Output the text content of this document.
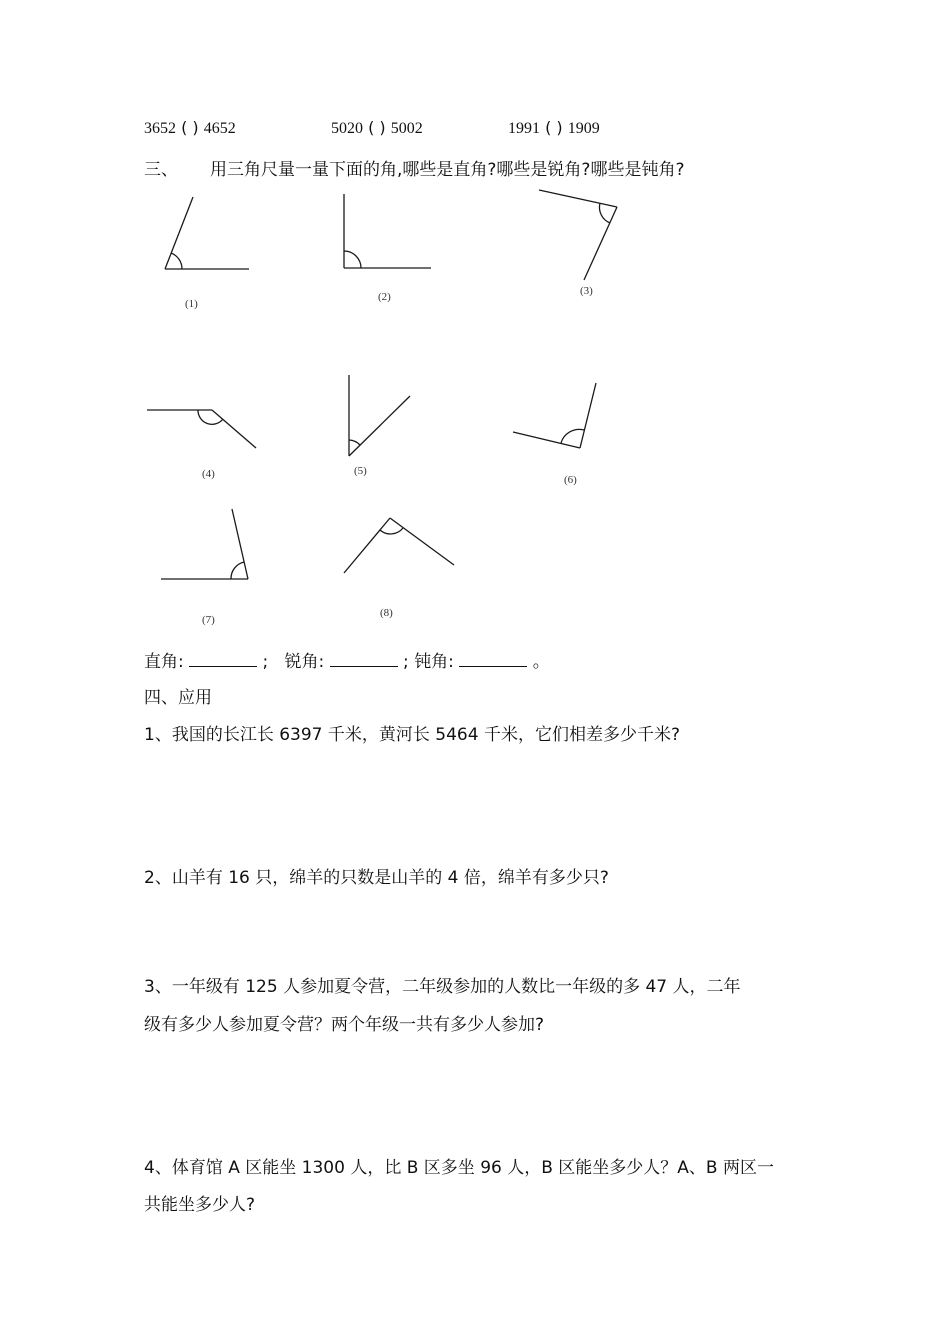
3652 ( ) 4652	5020 ( ) 5002	1991 ( ) 1909
三、 用三角尺量一量下面的角,哪些是直角?哪些是锐角?哪些是钝角?
(1)
(2)	(3)
(4)	(5)
(6)
(7)
(8)
直角:	; 锐角:	; 钝角:	。
四、应用
1、我国的长江长 6397 千米，黄河长 5464 千米，它们相差多少千米?
2、山羊有 16 只，绵羊的只数是山羊的 4 倍，绵羊有多少只?
3、一年级有 125 人参加夏令营，二年级参加的人数比一年级的多 47 人，二年
级有多少人参加夏令营？两个年级一共有多少人参加?
4、体育馆 A 区能坐 1300 人，比 B 区多坐 96 人，B 区能坐多少人？A、B 两区一
共能坐多少人?
